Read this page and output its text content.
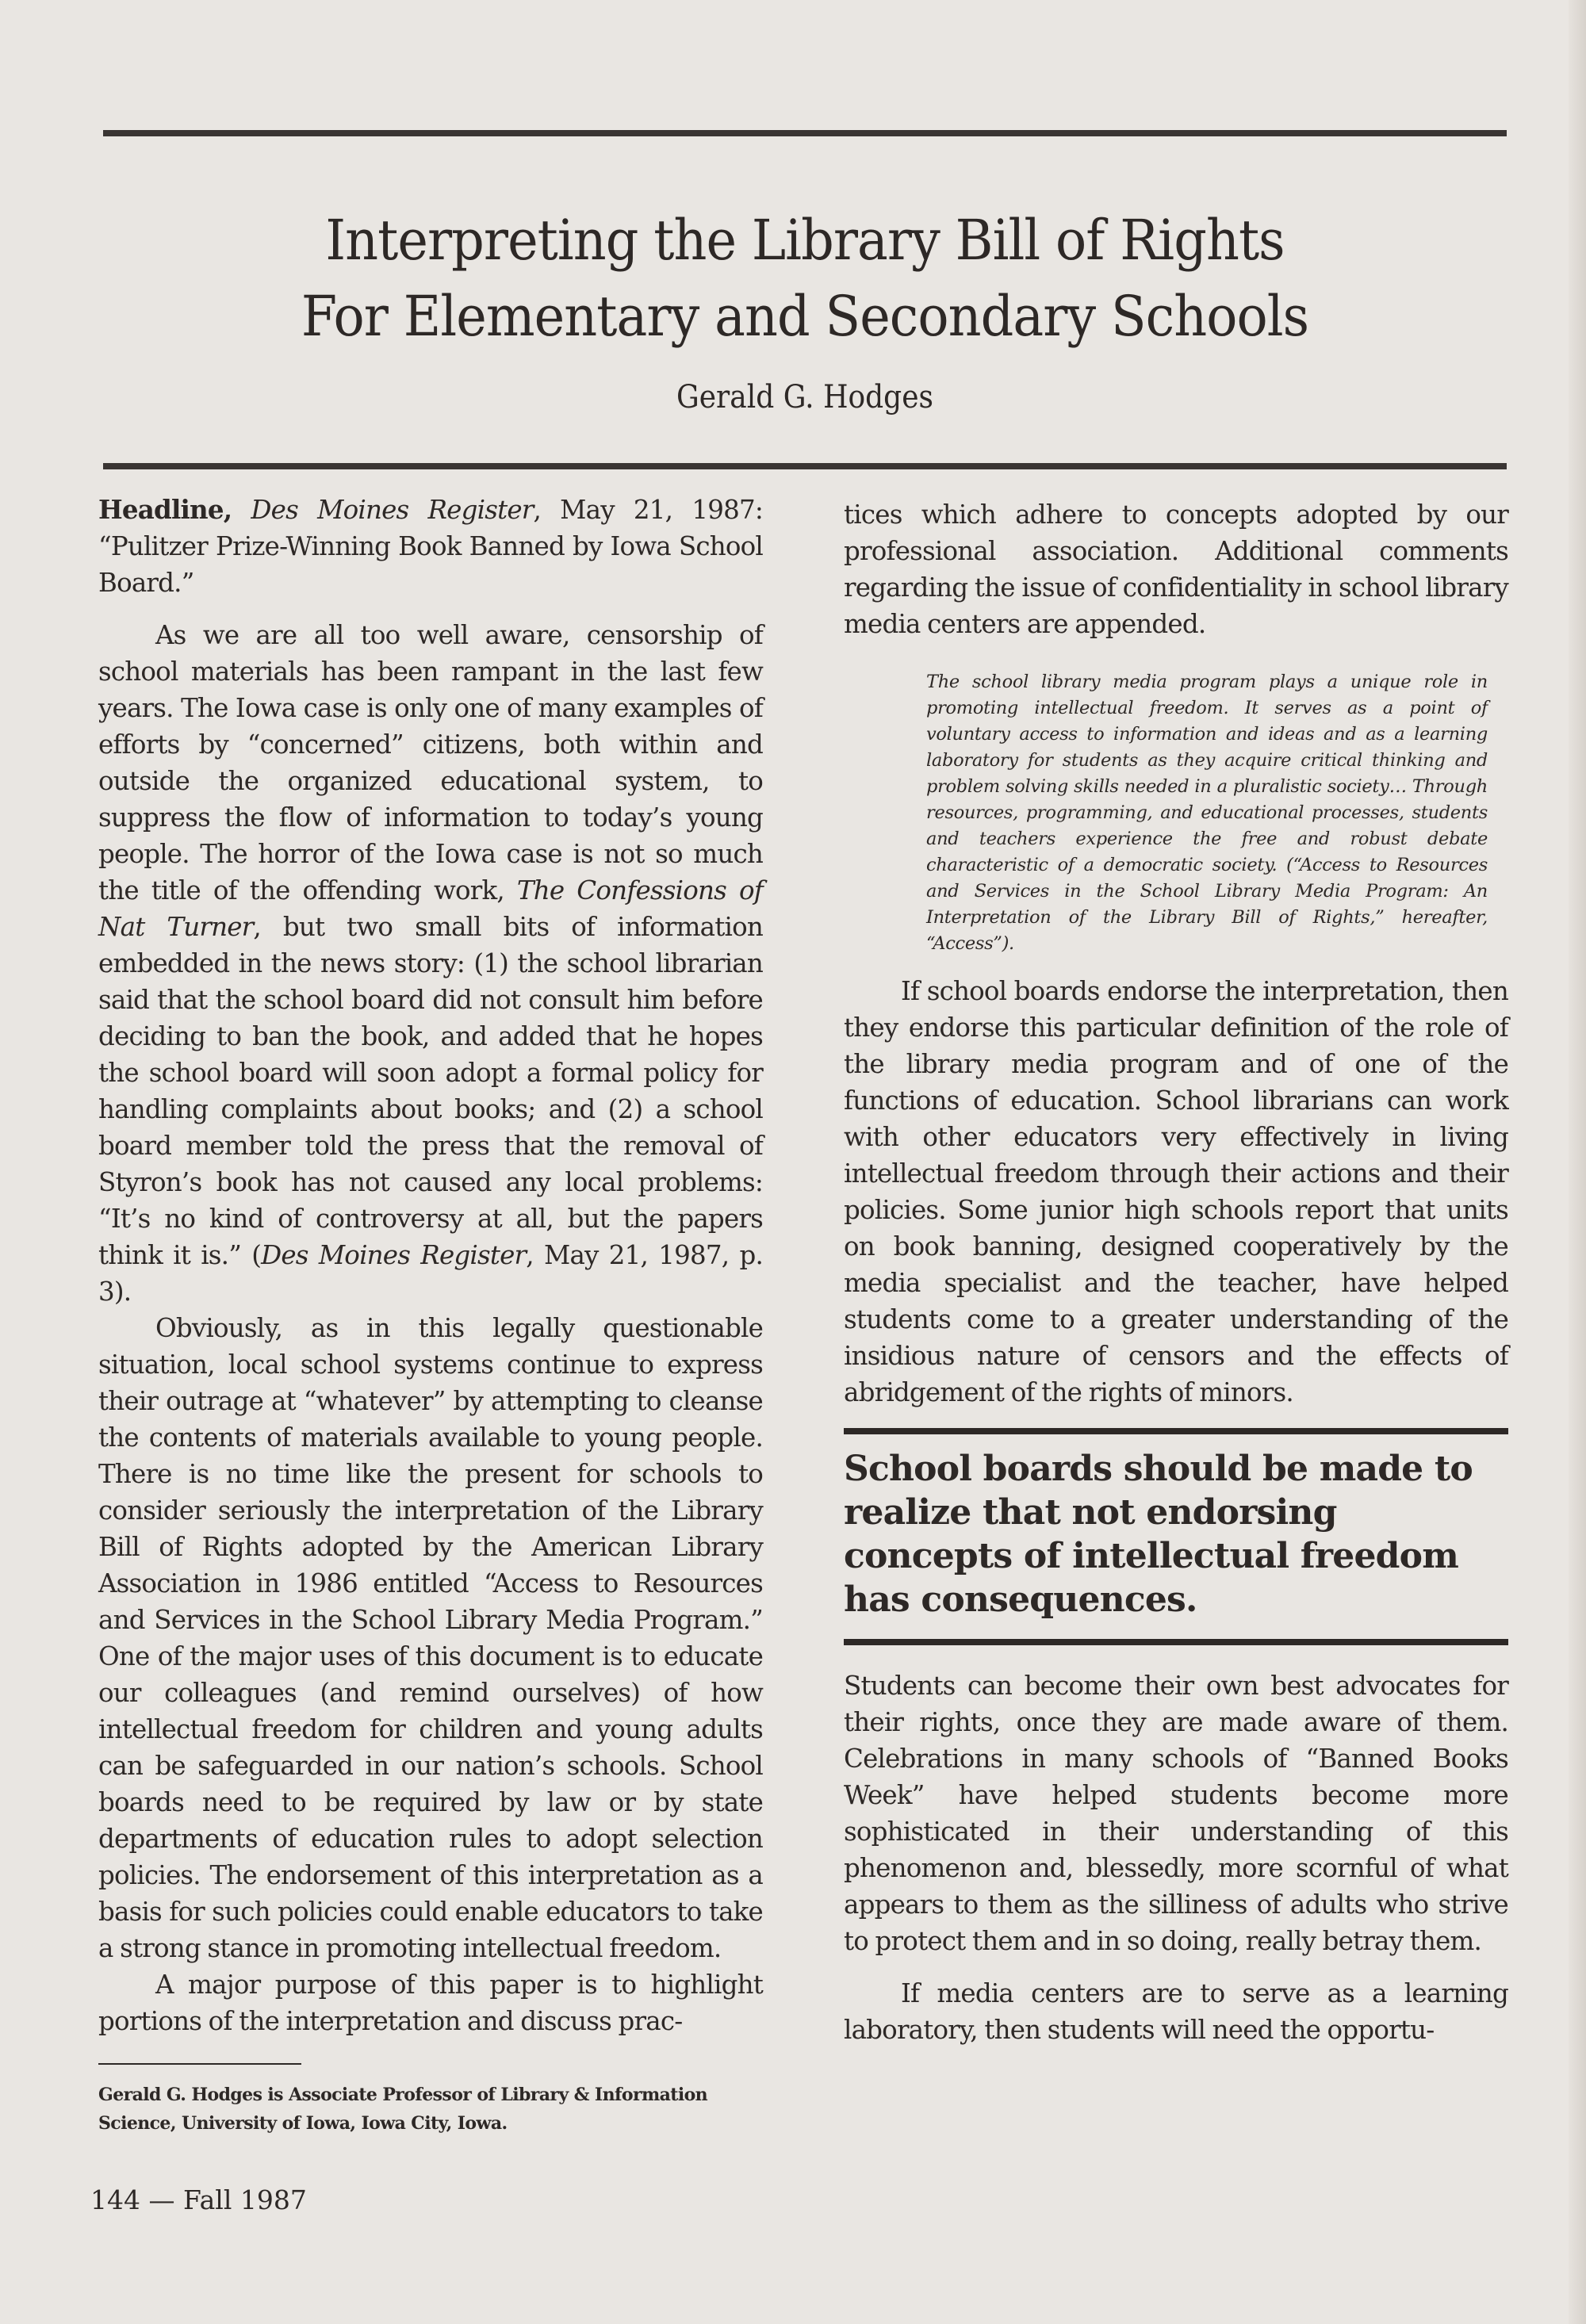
Interpreting the Library Bill of Rights
For Elementary and Secondary Schools
Gerald G. Hodges

Headline, Des Moines Register, May 21, 1987: “Pulitzer Prize-Winning Book Banned by Iowa School Board.”

As we are all too well aware, censorship of school materials has been rampant in the last few years. The Iowa case is only one of many examples of efforts by “concerned” citizens, both within and outside the organized educational system, to suppress the flow of information to today’s young people. The horror of the Iowa case is not so much the title of the offending work, The Confessions of Nat Turner, but two small bits of information embedded in the news story: (1) the school librarian said that the school board did not consult him before deciding to ban the book, and added that he hopes the school board will soon adopt a formal policy for handling complaints about books; and (2) a school board member told the press that the removal of Styron’s book has not caused any local problems: “It’s no kind of controversy at all, but the papers think it is.” (Des Moines Register, May 21, 1987, p. 3).

Obviously, as in this legally questionable situation, local school systems continue to express their outrage at “whatever” by attempting to cleanse the contents of materials available to young people. There is no time like the present for schools to consider seriously the interpretation of the Library Bill of Rights adopted by the American Library Association in 1986 entitled “Access to Resources and Services in the School Library Media Program.” One of the major uses of this document is to educate our colleagues (and remind ourselves) of how intellectual freedom for children and young adults can be safeguarded in our nation’s schools. School boards need to be required by law or by state departments of education rules to adopt selection policies. The endorsement of this interpretation as a basis for such policies could enable educators to take a strong stance in promoting intellectual freedom.

A major purpose of this paper is to highlight portions of the interpretation and discuss prac-

Gerald G. Hodges is Associate Professor of Library & Information Science, University of Iowa, Iowa City, Iowa.

tices which adhere to concepts adopted by our professional association. Additional comments regarding the issue of confidentiality in school library media centers are appended.

The school library media program plays a unique role in promoting intellectual freedom. It serves as a point of voluntary access to information and ideas and as a learning laboratory for students as they acquire critical thinking and problem solving skills needed in a pluralistic society… Through resources, programming, and educational processes, students and teachers experience the free and robust debate characteristic of a democratic society. (“Access to Resources and Services in the School Library Media Program: An Interpretation of the Library Bill of Rights,” hereafter, “Access”).

If school boards endorse the interpretation, then they endorse this particular definition of the role of the library media program and of one of the functions of education. School librarians can work with other educators very effectively in living intellectual freedom through their actions and their policies. Some junior high schools report that units on book banning, designed cooperatively by the media specialist and the teacher, have helped students come to a greater understanding of the insidious nature of censors and the effects of abridgement of the rights of minors.

School boards should be made to realize that not endorsing concepts of intellectual freedom has consequences.

Students can become their own best advocates for their rights, once they are made aware of them. Celebrations in many schools of “Banned Books Week” have helped students become more sophisticated in their understanding of this phenomenon and, blessedly, more scornful of what appears to them as the silliness of adults who strive to protect them and in so doing, really betray them.

If media centers are to serve as a learning laboratory, then students will need the opportu-

144 — Fall 1987
